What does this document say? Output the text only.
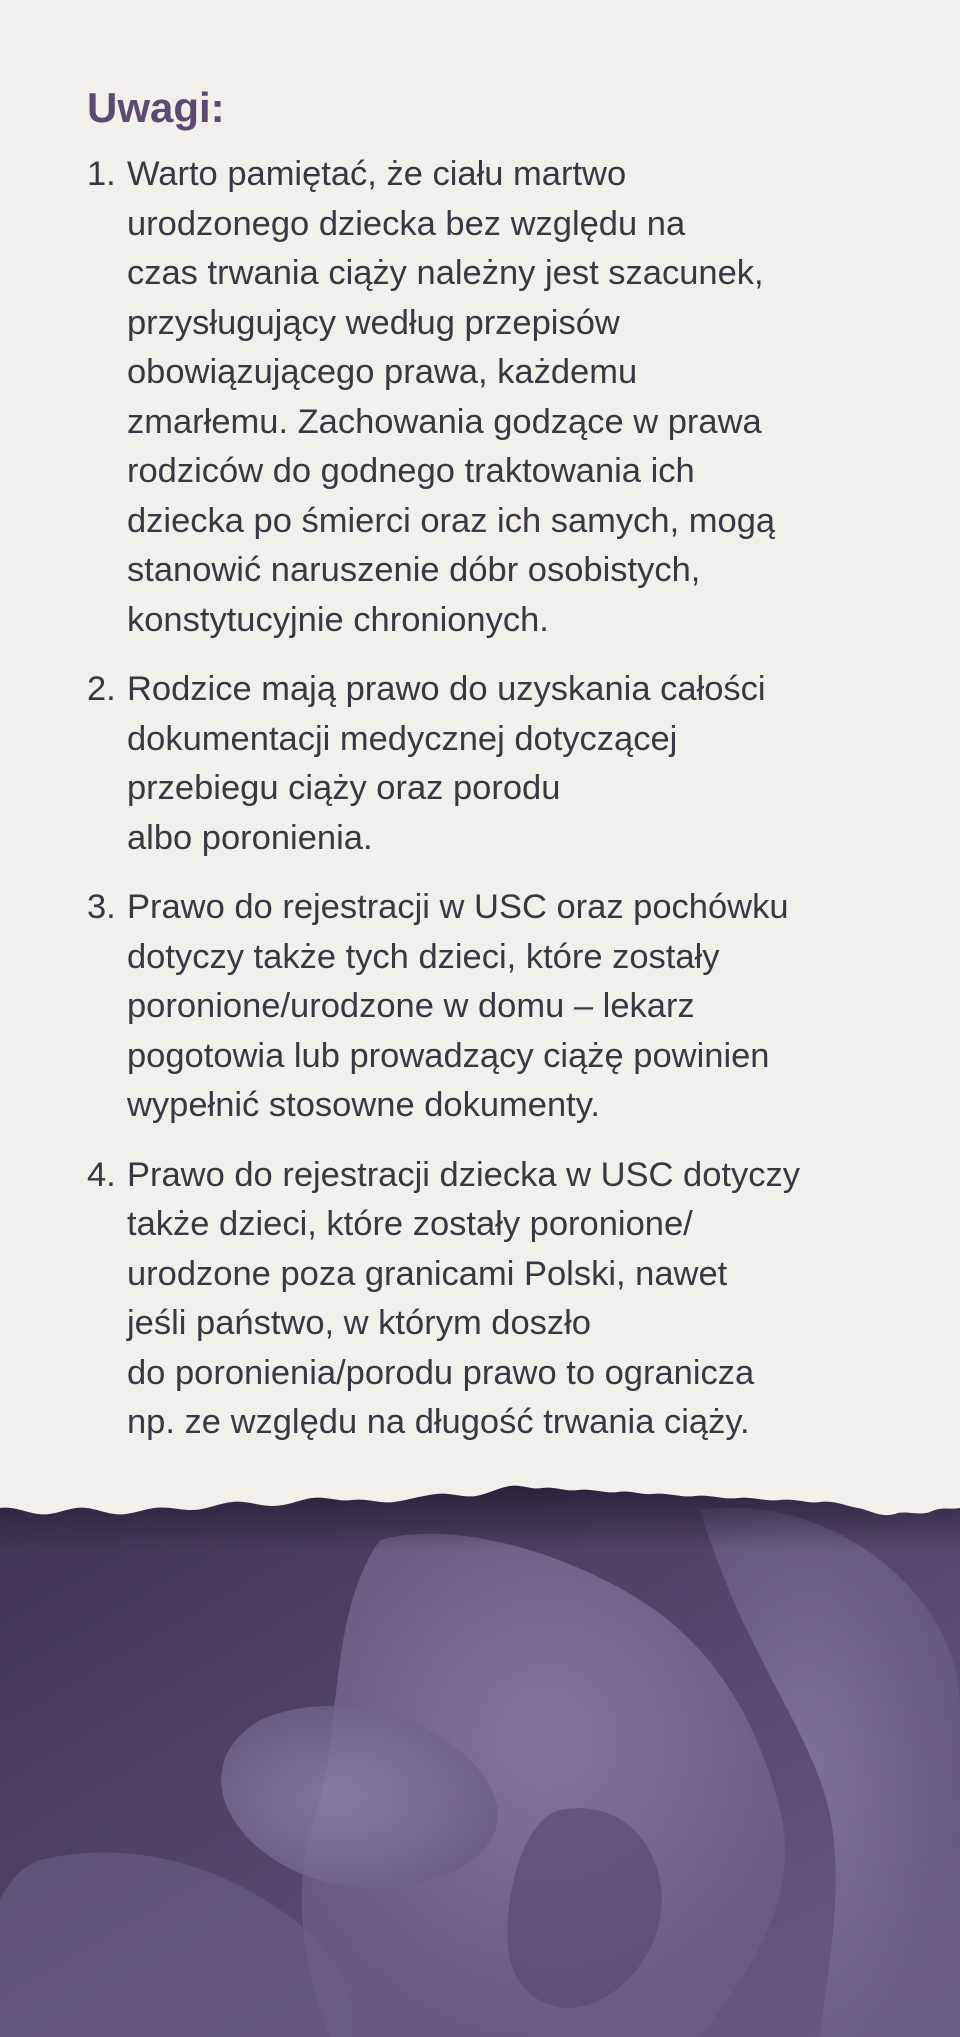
Uwagi:
1. Warto pamiętać, że ciału martwo
urodzonego dziecka bez względu na
czas trwania ciąży należny jest szacunek,
przysługujący według przepisów
obowiązującego prawa, każdemu
zmarłemu. Zachowania godzące w prawa
rodziców do godnego traktowania ich
dziecka po śmierci oraz ich samych, mogą
stanowić naruszenie dóbr osobistych,
konstytucyjnie chronionych.
2. Rodzice mają prawo do uzyskania całości
dokumentacji medycznej dotyczącej
przebiegu ciąży oraz porodu
albo poronienia.
3. Prawo do rejestracji w USC oraz pochówku
dotyczy także tych dzieci, które zostały
poronione/urodzone w domu – lekarz
pogotowia lub prowadzący ciążę powinien
wypełnić stosowne dokumenty.
4. Prawo do rejestracji dziecka w USC dotyczy
także dzieci, które zostały poronione/
urodzone poza granicami Polski, nawet
jeśli państwo, w którym doszło
do poronienia/porodu prawo to ogranicza
np. ze względu na długość trwania ciąży.
